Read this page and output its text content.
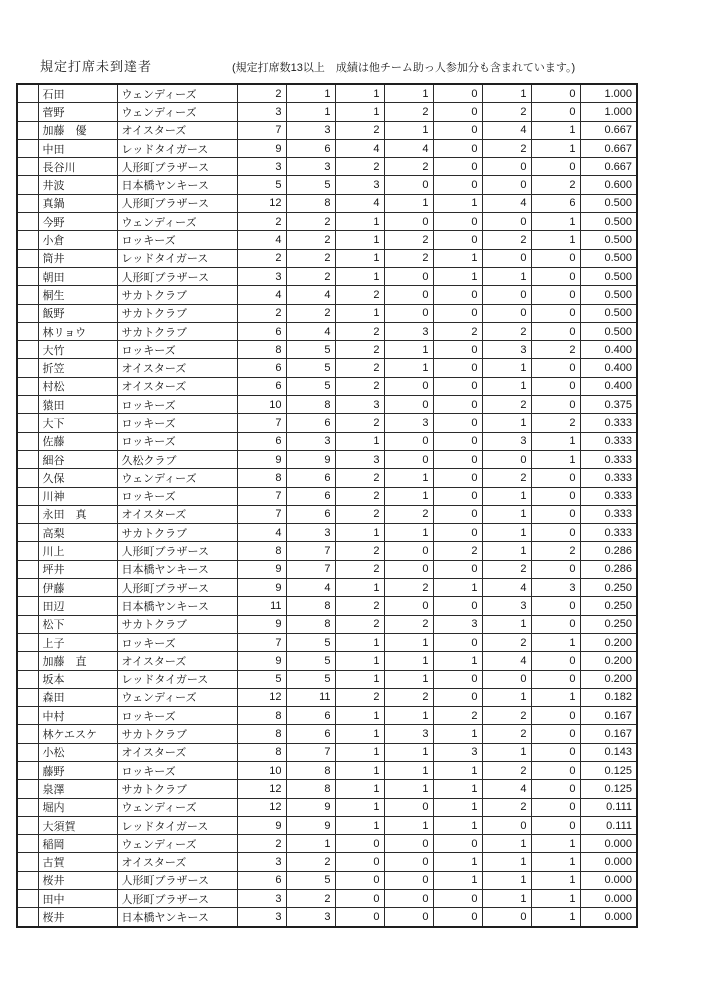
規定打席未到達者	(規定打席数13以上　成績は他チーム助っ人参加分も含まれています。)
	石田	ウェンディーズ	2	1	1	1	0	1	0	1.000
	菅野	ウェンディーズ	3	1	1	2	0	2	0	1.000
	加藤　優	オイスターズ	7	3	2	1	0	4	1	0.667
	中田	レッドタイガース	9	6	4	4	0	2	1	0.667
	長谷川	人形町ブラザース	3	3	2	2	0	0	0	0.667
	井波	日本橋ヤンキース	5	5	3	0	0	0	2	0.600
	真鍋	人形町ブラザース	12	8	4	1	1	4	6	0.500
	今野	ウェンディーズ	2	2	1	0	0	0	1	0.500
	小倉	ロッキーズ	4	2	1	2	0	2	1	0.500
	筒井	レッドタイガース	2	2	1	2	1	0	0	0.500
	朝田	人形町ブラザース	3	2	1	0	1	1	0	0.500
	桐生	サカトクラブ	4	4	2	0	0	0	0	0.500
	飯野	サカトクラブ	2	2	1	0	0	0	0	0.500
	林リョウ	サカトクラブ	6	4	2	3	2	2	0	0.500
	大竹	ロッキーズ	8	5	2	1	0	3	2	0.400
	折笠	オイスターズ	6	5	2	1	0	1	0	0.400
	村松	オイスターズ	6	5	2	0	0	1	0	0.400
	猿田	ロッキーズ	10	8	3	0	0	2	0	0.375
	大下	ロッキーズ	7	6	2	3	0	1	2	0.333
	佐藤	ロッキーズ	6	3	1	0	0	3	1	0.333
	細谷	久松クラブ	9	9	3	0	0	0	1	0.333
	久保	ウェンディーズ	8	6	2	1	0	2	0	0.333
	川神	ロッキーズ	7	6	2	1	0	1	0	0.333
	永田　真	オイスターズ	7	6	2	2	0	1	0	0.333
	高梨	サカトクラブ	4	3	1	1	0	1	0	0.333
	川上	人形町ブラザース	8	7	2	0	2	1	2	0.286
	坪井	日本橋ヤンキース	9	7	2	0	0	2	0	0.286
	伊藤	人形町ブラザース	9	4	1	2	1	4	3	0.250
	田辺	日本橋ヤンキース	11	8	2	0	0	3	0	0.250
	松下	サカトクラブ	9	8	2	2	3	1	0	0.250
	上子	ロッキーズ	7	5	1	1	0	2	1	0.200
	加藤　直	オイスターズ	9	5	1	1	1	4	0	0.200
	坂本	レッドタイガース	5	5	1	1	0	0	0	0.200
	森田	ウェンディーズ	12	11	2	2	0	1	1	0.182
	中村	ロッキーズ	8	6	1	1	2	2	0	0.167
	林ケエスケ	サカトクラブ	8	6	1	3	1	2	0	0.167
	小松	オイスターズ	8	7	1	1	3	1	0	0.143
	藤野	ロッキーズ	10	8	1	1	1	2	0	0.125
	泉澤	サカトクラブ	12	8	1	1	1	4	0	0.125
	堀内	ウェンディーズ	12	9	1	0	1	2	0	0.111
	大須賀	レッドタイガース	9	9	1	1	1	0	0	0.111
	稲岡	ウェンディーズ	2	1	0	0	0	1	1	0.000
	古賀	オイスターズ	3	2	0	0	1	1	1	0.000
	桜井	人形町ブラザース	6	5	0	0	1	1	1	0.000
	田中	人形町ブラザース	3	2	0	0	0	1	1	0.000
	桜井	日本橋ヤンキース	3	3	0	0	0	0	1	0.000
